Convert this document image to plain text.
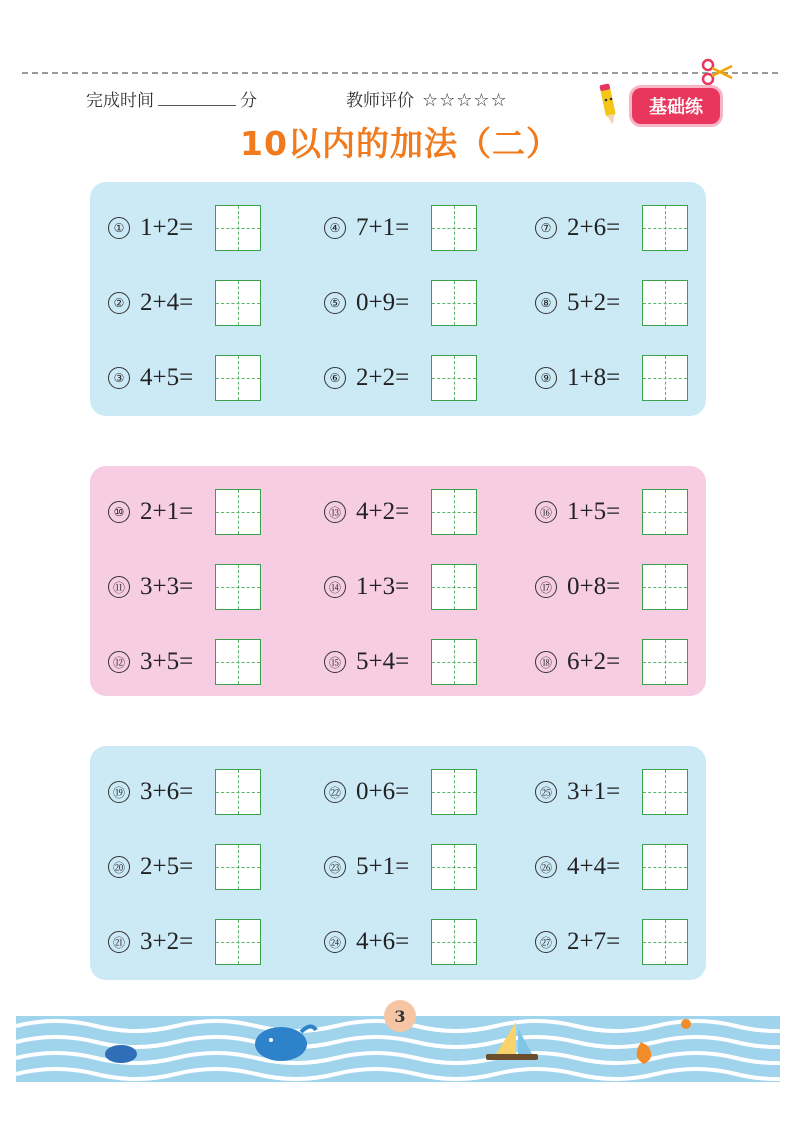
完成时间	分	教师评价 ☆☆☆☆☆	基础练
10以内的加法（二）
① 1+2=	④ 7+1=	⑦ 2+6=
② 2+4=	⑤ 0+9=	⑧ 5+2=
③ 4+5=	⑥ 2+2=	⑨ 1+8=
⑩ 2+1=	⑬ 4+2=	⑯ 1+5=
⑪ 3+3=	⑭ 1+3=	⑰ 0+8=
⑫ 3+5=	⑮ 5+4=	⑱ 6+2=
⑲ 3+6=	㉒ 0+6=	㉕ 3+1=
⑳ 2+5=	㉓ 5+1=	㉖ 4+4=
㉑ 3+2=	㉔ 4+6=	㉗ 2+7=
3
